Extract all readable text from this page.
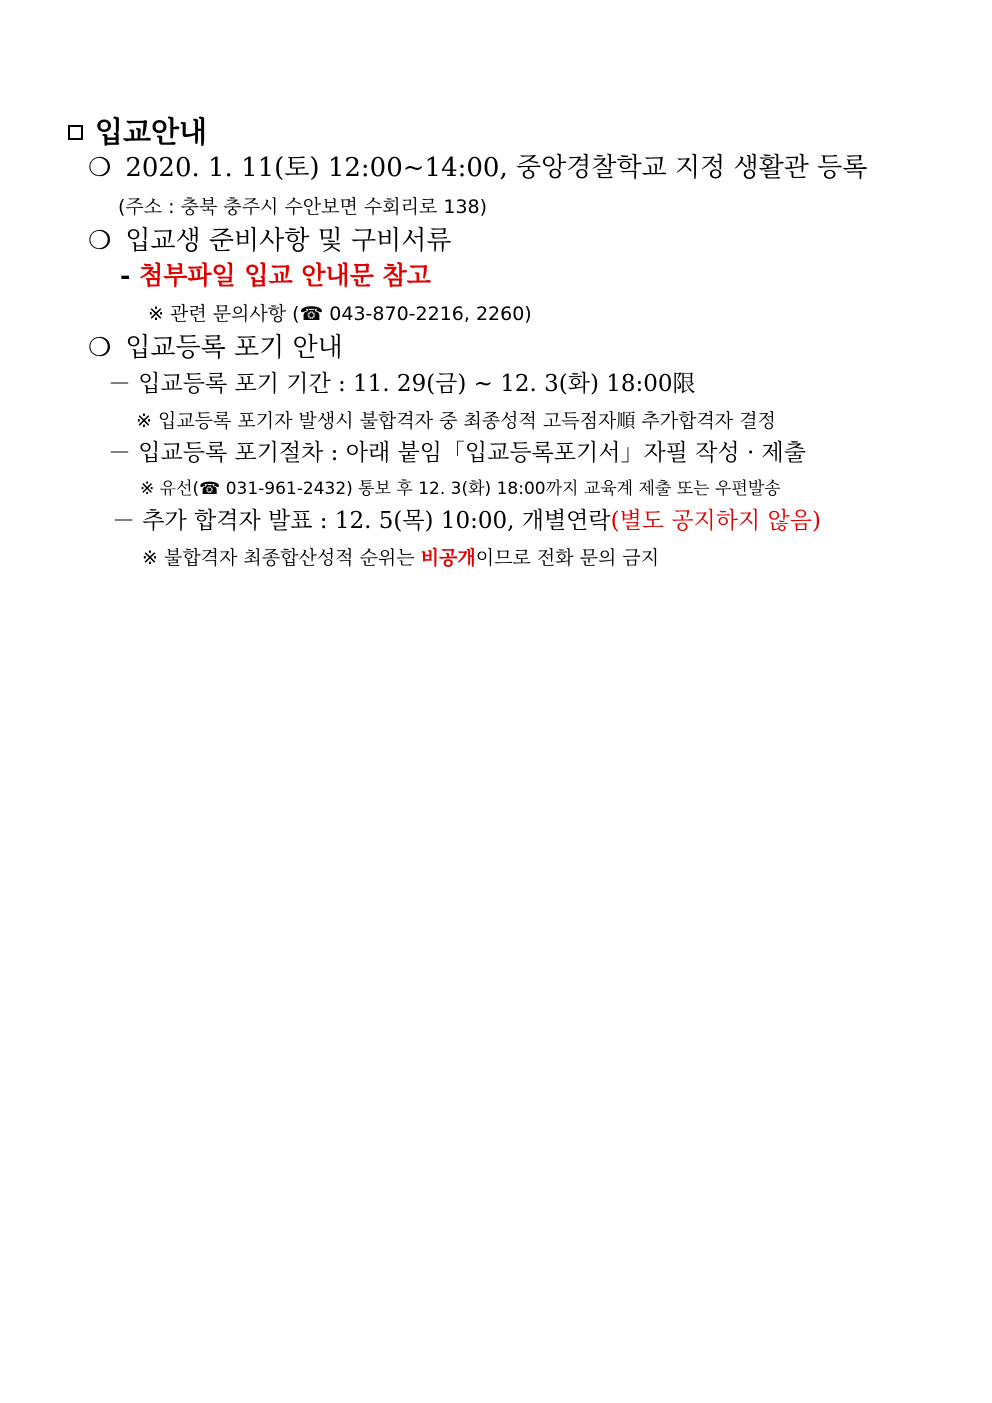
입교안내
❍ 2020. 1. 11(토) 12:00~14:00, 중앙경찰학교 지정 생활관 등록
(주소 : 충북 충주시 수안보면 수회리로 138)
❍ 입교생 준비사항 및 구비서류
- 첨부파일 입교 안내문 참고
※ 관련 문의사항 (☎ 043-870-2216, 2260)
❍ 입교등록 포기 안내
－ 입교등록 포기 기간 : 11. 29(금) ~ 12. 3(화) 18:00限
※ 입교등록 포기자 발생시 불합격자 중 최종성적 고득점자順 추가합격자 결정
－ 입교등록 포기절차 : 아래 붙임「입교등록포기서」자필 작성 · 제출
※ 유선(☎ 031-961-2432) 통보 후 12. 3(화) 18:00까지 교육계 제출 또는 우편발송
－ 추가 합격자 발표 : 12. 5(목) 10:00, 개별연락(별도 공지하지 않음)
※ 불합격자 최종합산성적 순위는 비공개이므로 전화 문의 금지
